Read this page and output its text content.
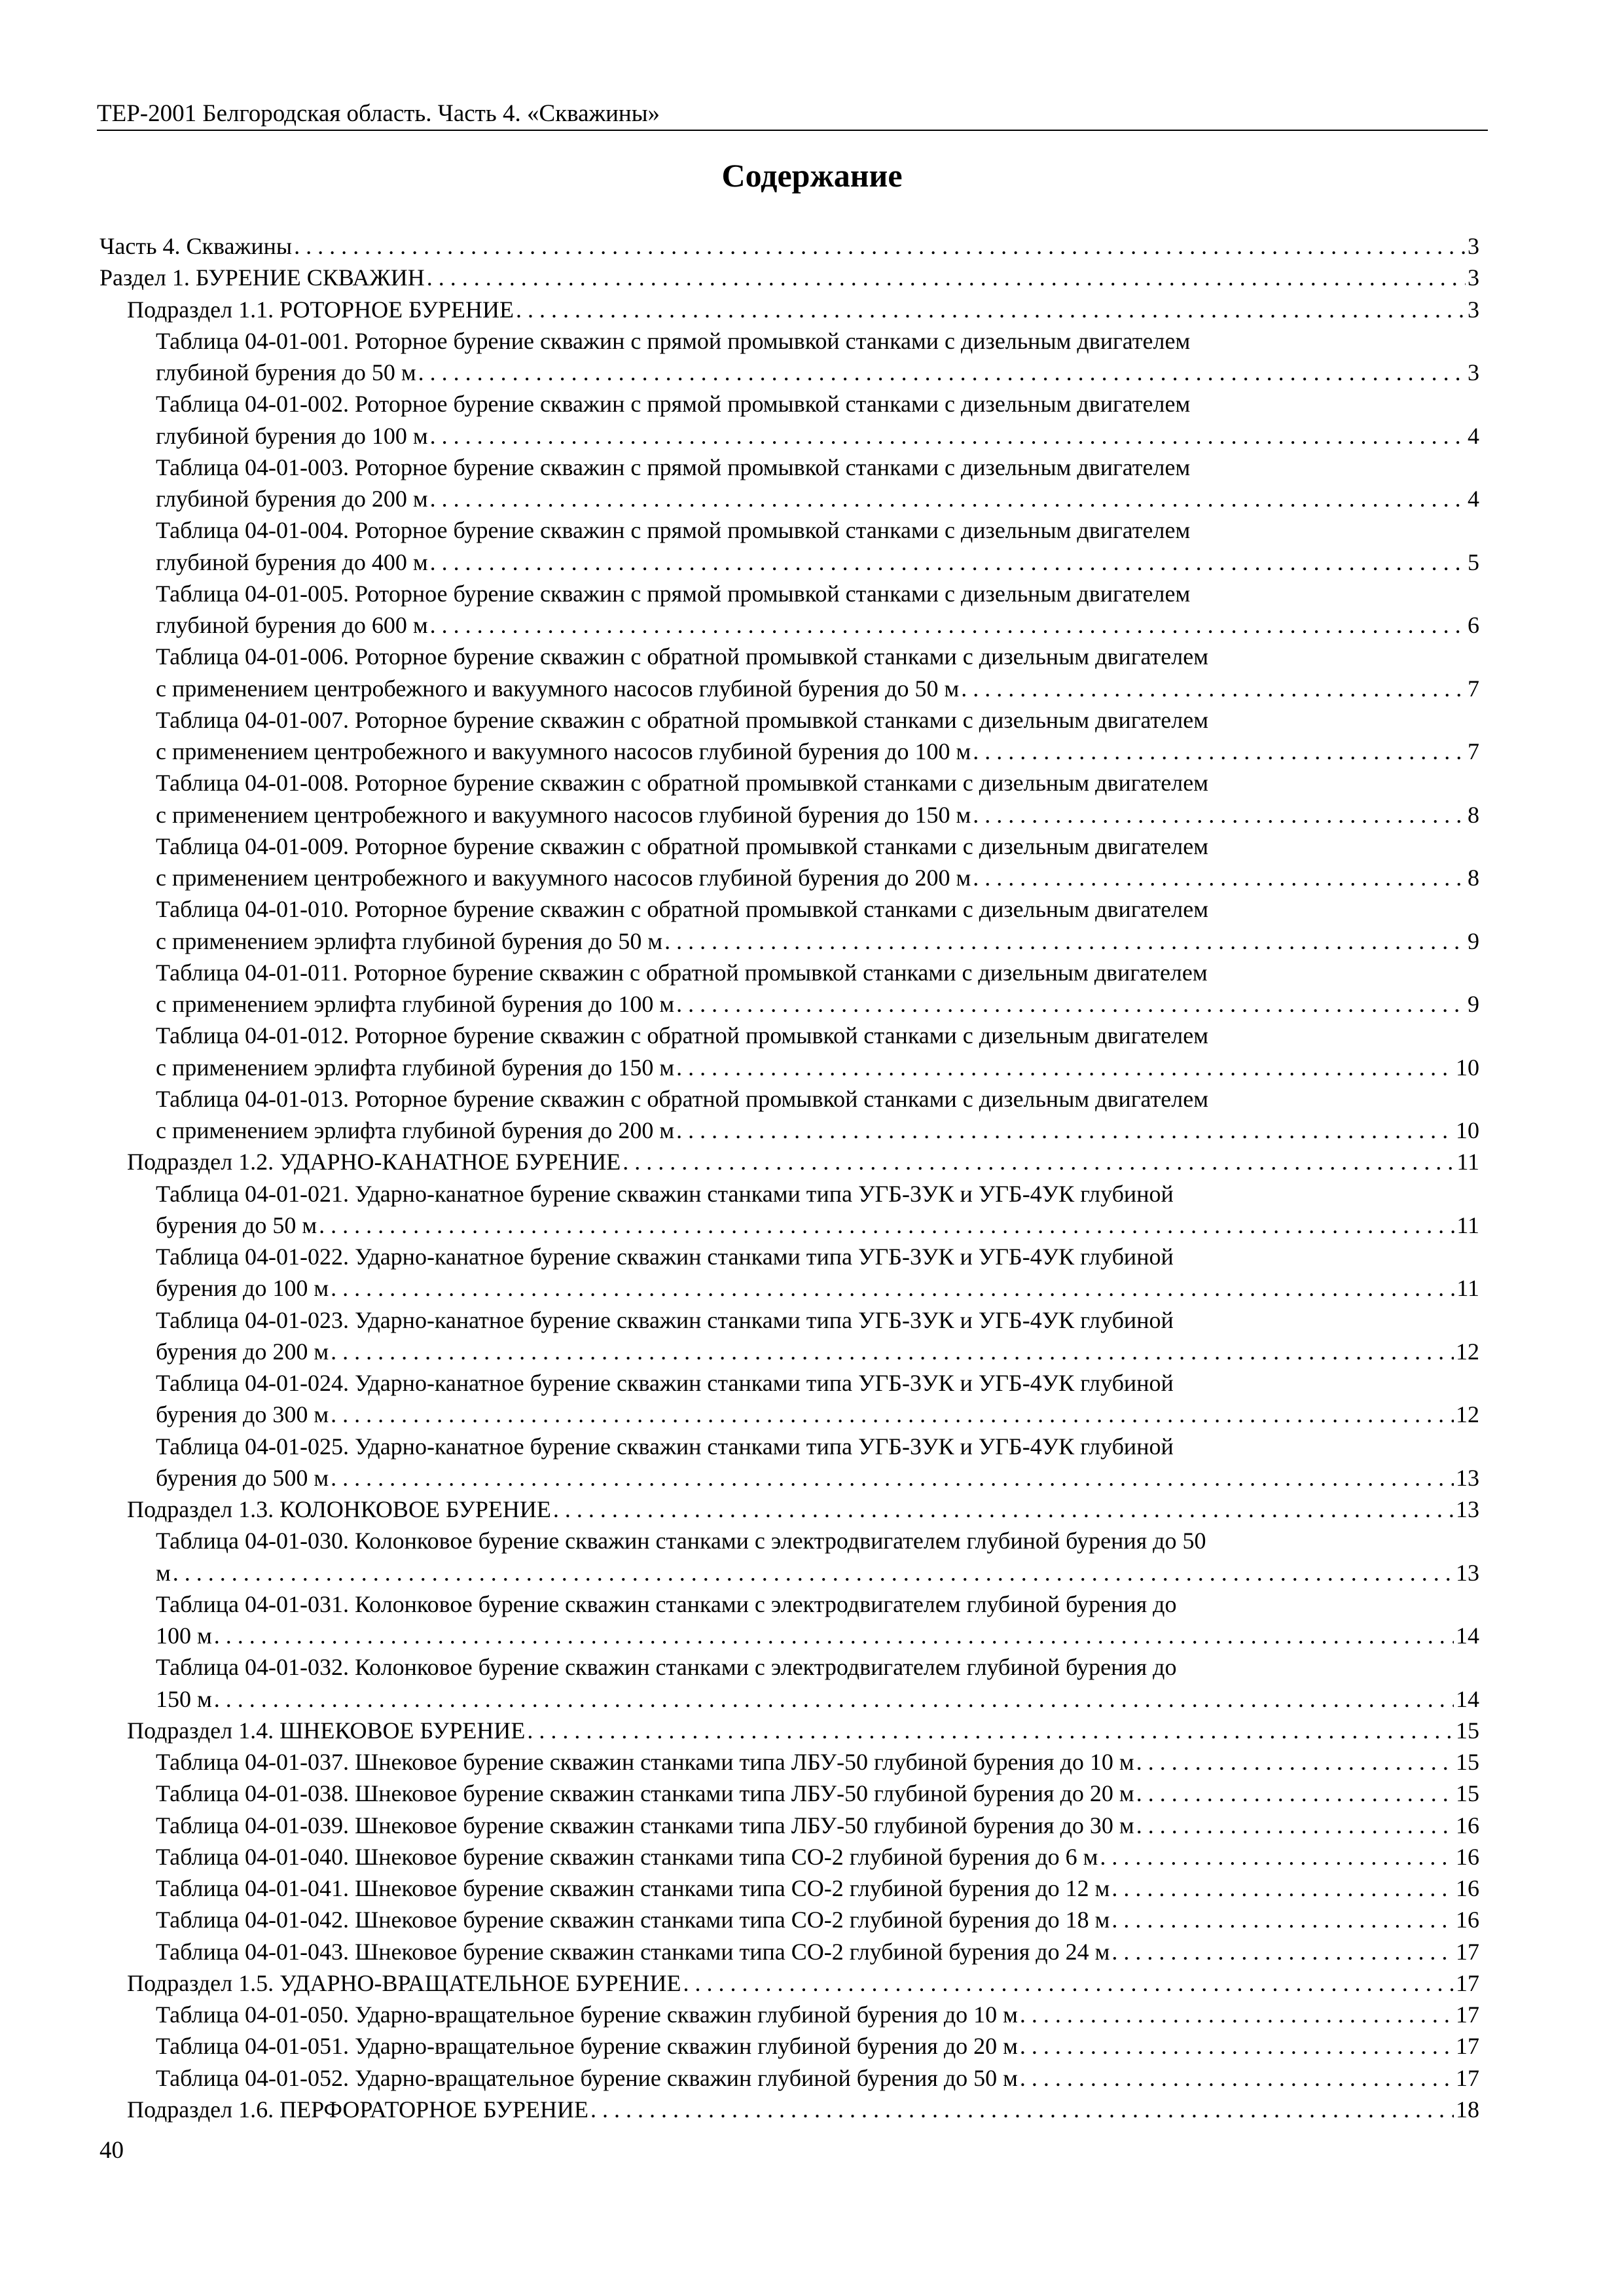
ТЕР-2001 Белгородская область. Часть 4. «Скважины»
Содержание
Часть 4. Скважины . . .	3
Раздел 1. БУРЕНИЕ СКВАЖИН . . .	3
Подраздел 1.1. РОТОРНОЕ БУРЕНИЕ . . .	3
Таблица 04-01-001. Роторное бурение скважин с прямой промывкой станками с дизельным двигателем
глубиной бурения до 50 м . . .	3
Таблица 04-01-002. Роторное бурение скважин с прямой промывкой станками с дизельным двигателем
глубиной бурения до 100 м . . .	4
Таблица 04-01-003. Роторное бурение скважин с прямой промывкой станками с дизельным двигателем
глубиной бурения до 200 м . . .	4
Таблица 04-01-004. Роторное бурение скважин с прямой промывкой станками с дизельным двигателем
глубиной бурения до 400 м . . .	5
Таблица 04-01-005. Роторное бурение скважин с прямой промывкой станками с дизельным двигателем
глубиной бурения до 600 м . . .	6
Таблица 04-01-006. Роторное бурение скважин с обратной промывкой станками с дизельным двигателем
с применением центробежного и вакуумного насосов глубиной бурения до 50 м . . .	7
Таблица 04-01-007. Роторное бурение скважин с обратной промывкой станками с дизельным двигателем
с применением центробежного и вакуумного насосов глубиной бурения до 100 м . . .	7
Таблица 04-01-008. Роторное бурение скважин с обратной промывкой станками с дизельным двигателем
с применением центробежного и вакуумного насосов глубиной бурения до 150 м . . .	8
Таблица 04-01-009. Роторное бурение скважин с обратной промывкой станками с дизельным двигателем
с применением центробежного и вакуумного насосов глубиной бурения до 200 м . . .	8
Таблица 04-01-010. Роторное бурение скважин с обратной промывкой станками с дизельным двигателем
с применением эрлифта глубиной бурения до 50 м . . .	9
Таблица 04-01-011. Роторное бурение скважин с обратной промывкой станками с дизельным двигателем
с применением эрлифта глубиной бурения до 100 м . . .	9
Таблица 04-01-012. Роторное бурение скважин с обратной промывкой станками с дизельным двигателем
с применением эрлифта глубиной бурения до 150 м . . .	10
Таблица 04-01-013. Роторное бурение скважин с обратной промывкой станками с дизельным двигателем
с применением эрлифта глубиной бурения до 200 м . . .	10
Подраздел 1.2. УДАРНО-КАНАТНОЕ БУРЕНИЕ . . .	11
Таблица 04-01-021. Ударно-канатное бурение скважин станками типа УГБ-3УК и УГБ-4УК глубиной
бурения до 50 м . . .	11
Таблица 04-01-022. Ударно-канатное бурение скважин станками типа УГБ-3УК и УГБ-4УК глубиной
бурения до 100 м . . .	11
Таблица 04-01-023. Ударно-канатное бурение скважин станками типа УГБ-3УК и УГБ-4УК глубиной
бурения до 200 м . . .	12
Таблица 04-01-024. Ударно-канатное бурение скважин станками типа УГБ-3УК и УГБ-4УК глубиной
бурения до 300 м . . .	12
Таблица 04-01-025. Ударно-канатное бурение скважин станками типа УГБ-3УК и УГБ-4УК глубиной
бурения до 500 м . . .	13
Подраздел 1.3. КОЛОНКОВОЕ БУРЕНИЕ . . .	13
Таблица 04-01-030. Колонковое бурение скважин станками с электродвигателем глубиной бурения до 50
м . . .	13
Таблица 04-01-031. Колонковое бурение скважин станками с электродвигателем глубиной бурения до
100 м . . .	14
Таблица 04-01-032. Колонковое бурение скважин станками с электродвигателем глубиной бурения до
150 м . . .	14
Подраздел 1.4. ШНЕКОВОЕ БУРЕНИЕ . . .	15
Таблица 04-01-037. Шнековое бурение скважин станками типа ЛБУ-50 глубиной бурения до 10 м . . .	15
Таблица 04-01-038. Шнековое бурение скважин станками типа ЛБУ-50 глубиной бурения до 20 м . . .	15
Таблица 04-01-039. Шнековое бурение скважин станками типа ЛБУ-50 глубиной бурения до 30 м . . .	16
Таблица 04-01-040. Шнековое бурение скважин станками типа СО-2 глубиной бурения до 6 м . . .	16
Таблица 04-01-041. Шнековое бурение скважин станками типа СО-2 глубиной бурения до 12 м . . .	16
Таблица 04-01-042. Шнековое бурение скважин станками типа СО-2 глубиной бурения до 18 м . . .	16
Таблица 04-01-043. Шнековое бурение скважин станками типа СО-2 глубиной бурения до 24 м . . .	17
Подраздел 1.5. УДАРНО-ВРАЩАТЕЛЬНОЕ БУРЕНИЕ . . .	17
Таблица 04-01-050. Ударно-вращательное бурение скважин глубиной бурения до 10 м . . .	17
Таблица 04-01-051. Ударно-вращательное бурение скважин глубиной бурения до 20 м . . .	17
Таблица 04-01-052. Ударно-вращательное бурение скважин глубиной бурения до 50 м . . .	17
Подраздел 1.6. ПЕРФОРАТОРНОЕ БУРЕНИЕ . . .	18
40
